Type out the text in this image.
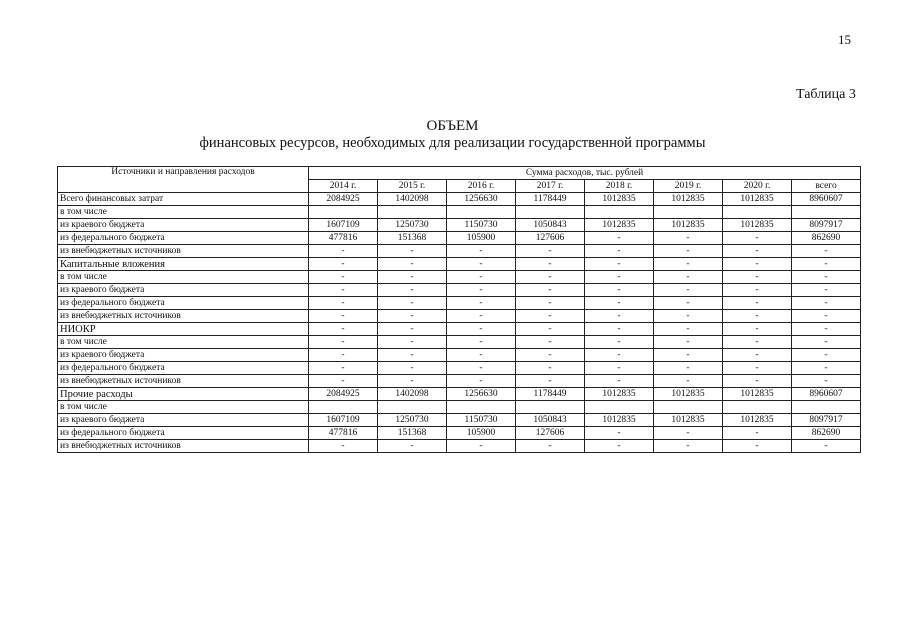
15
Таблица 3
ОБЪЕМ
финансовых ресурсов, необходимых для реализации государственной программы
Источники и направления расходов	Сумма расходов, тыс. рублей							
	2014 г.	2015 г.	2016 г.	2017 г.	2018 г.	2019 г.	2020 г.	всего
Всего финансовых затрат	2084925	1402098	1256630	1178449	1012835	1012835	1012835	8960607
в том числе								
из краевого бюджета	1607109	1250730	1150730	1050843	1012835	1012835	1012835	8097917
из федерального бюджета	477816	151368	105900	127606	-	-	-	862690
из внебюджетных источников	-	-	-	-	-	-	-	-
Капитальные вложения	-	-	-	-	-	-	-	-
в том числе	-	-	-	-	-	-	-	-
из краевого бюджета	-	-	-	-	-	-	-	-
из федерального бюджета	-	-	-	-	-	-	-	-
из внебюджетных источников	-	-	-	-	-	-	-	-
НИОКР	-	-	-	-	-	-	-	-
в том числе	-	-	-	-	-	-	-	-
из краевого бюджета	-	-	-	-	-	-	-	-
из федерального бюджета	-	-	-	-	-	-	-	-
из внебюджетных источников	-	-	-	-	-	-	-	-
Прочие расходы	2084925	1402098	1256630	1178449	1012835	1012835	1012835	8960607
в том числе								
из краевого бюджета	1607109	1250730	1150730	1050843	1012835	1012835	1012835	8097917
из федерального бюджета	477816	151368	105900	127606	-	-	-	862690
из внебюджетных источников	-	-	-	-	-	-	-	-
